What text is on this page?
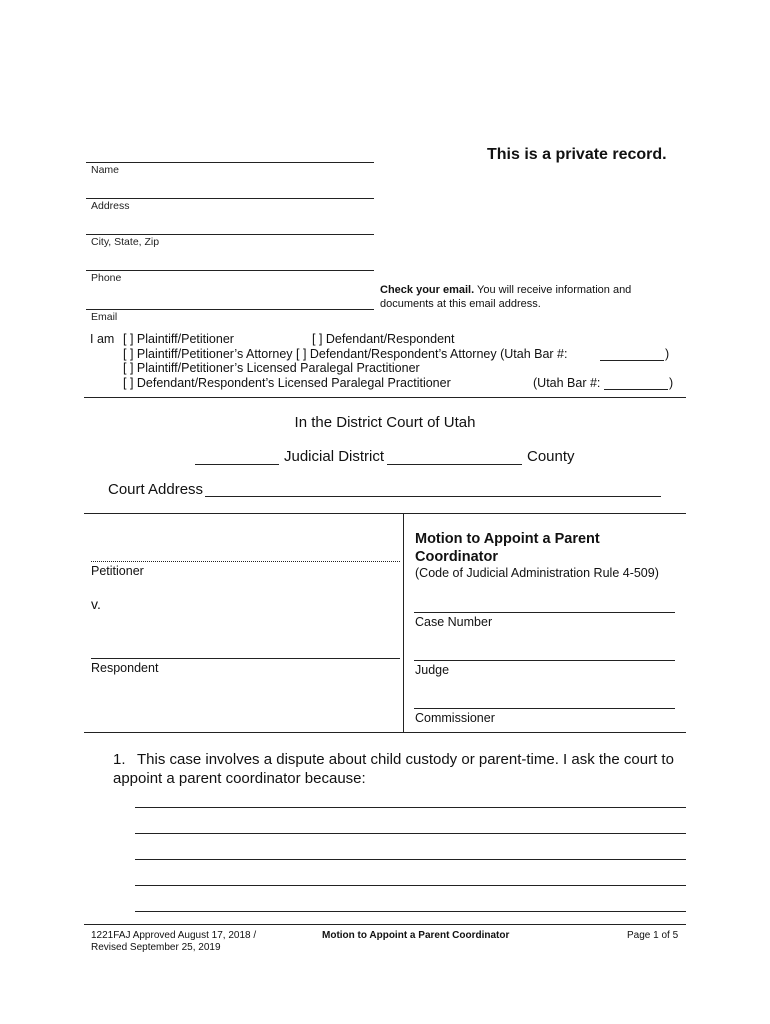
This is a private record.
Name
Address
City, State, Zip
Phone
Email
Check your email. You will receive information and documents at this email address.
I am [ ] Plaintiff/Petitioner	[ ] Defendant/Respondent
[ ] Plaintiff/Petitioner’s Attorney [ ] Defendant/Respondent’s Attorney (Utah Bar #:	)
[ ] Plaintiff/Petitioner’s Licensed Paralegal Practitioner
[ ] Defendant/Respondent’s Licensed Paralegal Practitioner	(Utah Bar #:	)
In the District Court of Utah
Judicial District	County
Court Address
Petitioner
v.
Respondent
Motion to Appoint a Parent Coordinator
(Code of Judicial Administration Rule 4-509)
Case Number
Judge
Commissioner
1. This case involves a dispute about child custody or parent-time. I ask the court to appoint a parent coordinator because:
1221FAJ Approved August 17, 2018 /
Revised September 25, 2019
Motion to Appoint a Parent Coordinator	Page 1 of 5
